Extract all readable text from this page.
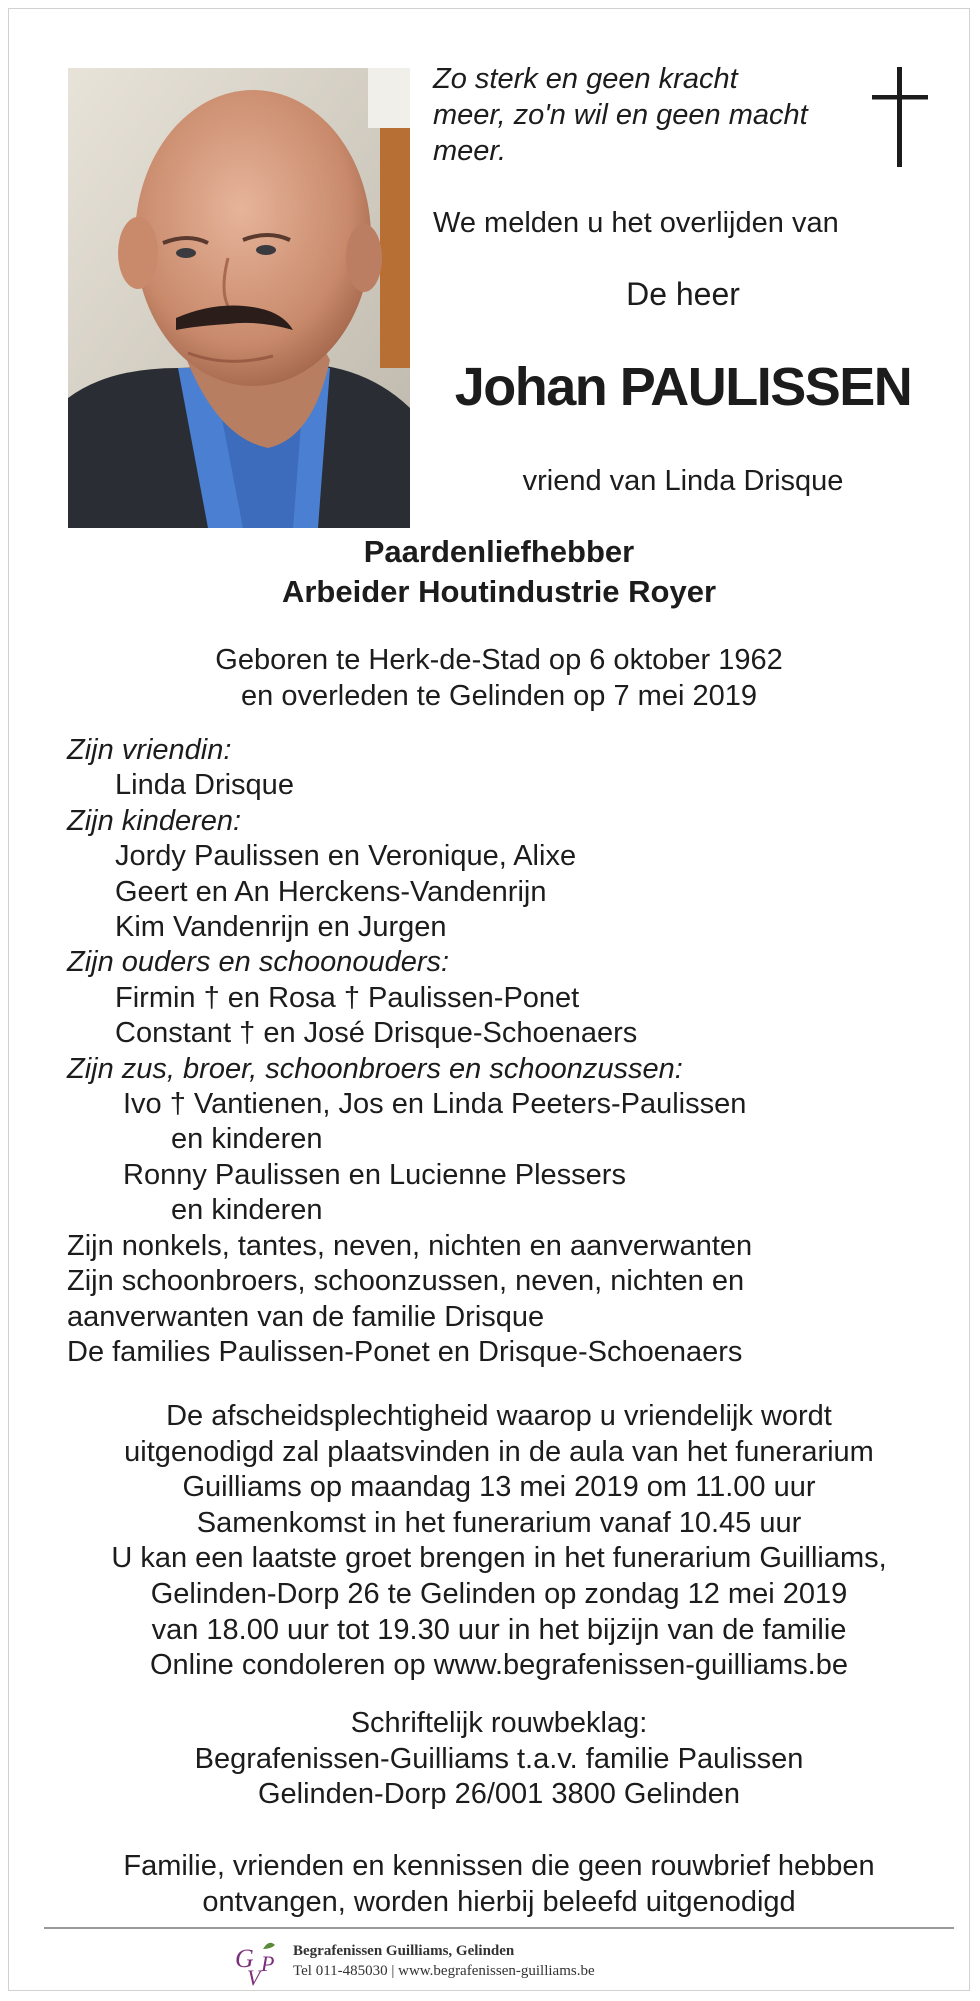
Zo sterk en geen kracht
meer, zo'n wil en geen macht
meer.

We melden u het overlijden van

De heer

Johan PAULISSEN

vriend van Linda Drisque

Paardenliefhebber
Arbeider Houtindustrie Royer
Geboren te Herk-de-Stad op 6 oktober 1962
en overleden te Gelinden op 7 mei 2019
Zijn vriendin:
Linda Drisque
Zijn kinderen:
Jordy Paulissen en Veronique, Alixe
Geert en An Herckens-Vandenrijn
Kim Vandenrijn en Jurgen
Zijn ouders en schoonouders:
Firmin † en Rosa † Paulissen-Ponet
Constant † en José Drisque-Schoenaers
Zijn zus, broer, schoonbroers en schoonzussen:
Ivo † Vantienen, Jos en Linda Peeters-Paulissen
en kinderen
Ronny Paulissen en Lucienne Plessers
en kinderen
Zijn nonkels, tantes, neven, nichten en aanverwanten
Zijn schoonbroers, schoonzussen, neven, nichten en
aanverwanten van de familie Drisque
De families Paulissen-Ponet en Drisque-Schoenaers
De afscheidsplechtigheid waarop u vriendelijk wordt
uitgenodigd zal plaatsvinden in de aula van het funerarium
Guilliams op maandag 13 mei 2019 om 11.00 uur
Samenkomst in het funerarium vanaf 10.45 uur
U kan een laatste groet brengen in het funerarium Guilliams,
Gelinden-Dorp 26 te Gelinden op zondag 12 mei 2019
van 18.00 uur tot 19.30 uur in het bijzijn van de familie
Online condoleren op www.begrafenissen-guilliams.be
Schriftelijk rouwbeklag:
Begrafenissen-Guilliams t.a.v. familie Paulissen
Gelinden-Dorp 26/001 3800 Gelinden
Familie, vrienden en kennissen die geen rouwbrief hebben
ontvangen, worden hierbij beleefd uitgenodigd
G
V
P Begrafenissen Guilliams, Gelinden
Tel 011-485030 | www.begrafenissen-guilliams.be
